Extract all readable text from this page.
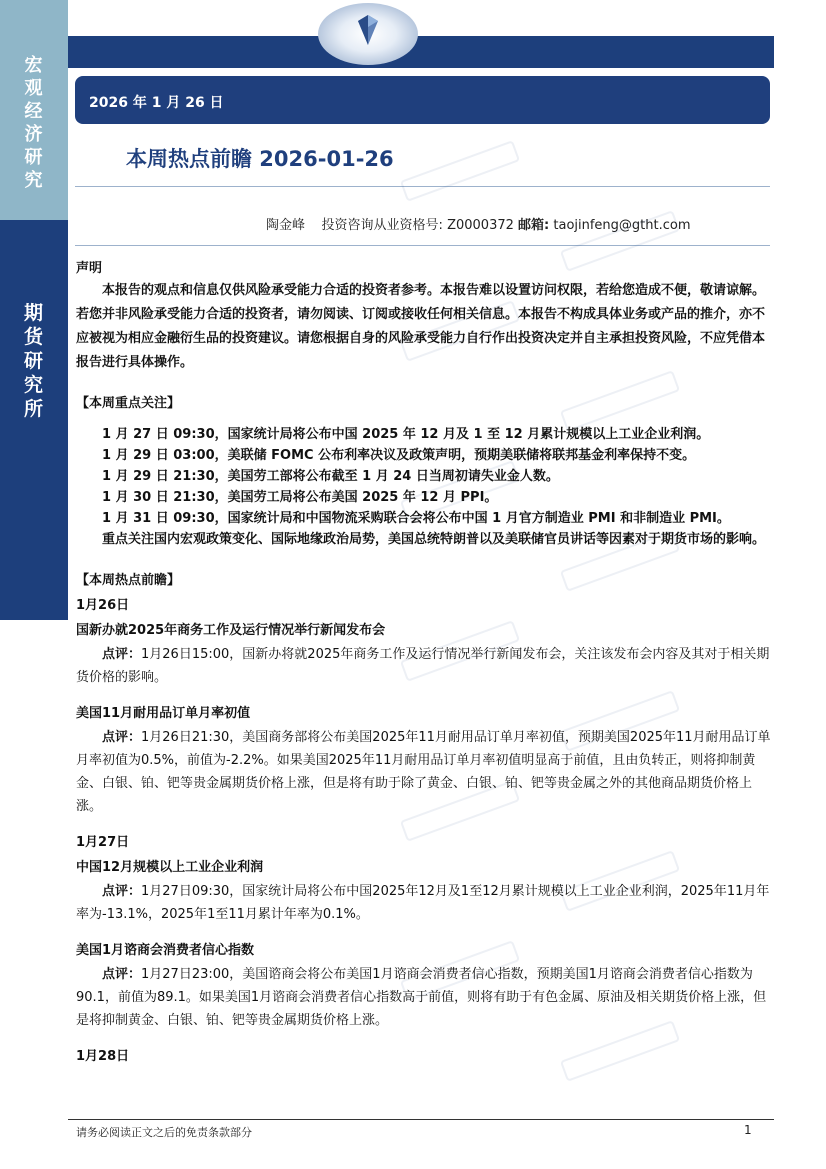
宏
观
经
济
研
究
期
货
研
究
所
2026 年 1 月 26 日
本周热点前瞻 2026-01-26
陶金峰 投资咨询从业资格号: Z0000372 邮箱: taojinfeng@gtht.com

声明

本报告的观点和信息仅供风险承受能力合适的投资者参考。本报告难以设置访问权限，若给您造成不便，敬请谅解。若您并非风险承受能力合适的投资者，请勿阅读、订阅或接收任何相关信息。本报告不构成具体业务或产品的推介，亦不应被视为相应金融衍生品的投资建议。请您根据自身的风险承受能力自行作出投资决定并自主承担投资风险，不应凭借本报告进行具体操作。

【本周重点关注】

1 月 27 日 09:30，国家统计局将公布中国 2025 年 12 月及 1 至 12 月累计规模以上工业企业利润。

1 月 29 日 03:00，美联储 FOMC 公布利率决议及政策声明，预期美联储将联邦基金利率保持不变。

1 月 29 日 21:30，美国劳工部将公布截至 1 月 24 日当周初请失业金人数。

1 月 30 日 21:30，美国劳工局将公布美国 2025 年 12 月 PPI。

1 月 31 日 09:30，国家统计局和中国物流采购联合会将公布中国 1 月官方制造业 PMI 和非制造业 PMI。

重点关注国内宏观政策变化、国际地缘政治局势，美国总统特朗普以及美联储官员讲话等因素对于期货市场的影响。

【本周热点前瞻】

1月26日

国新办就2025年商务工作及运行情况举行新闻发布会

点评：1月26日15:00，国新办将就2025年商务工作及运行情况举行新闻发布会，关注该发布会内容及其对于相关期货价格的影响。

美国11月耐用品订单月率初值

点评：1月26日21:30，美国商务部将公布美国2025年11月耐用品订单月率初值，预期美国2025年11月耐用品订单月率初值为0.5%，前值为-2.2%。如果美国2025年11月耐用品订单月率初值明显高于前值，且由负转正，则将抑制黄金、白银、铂、钯等贵金属期货价格上涨，但是将有助于除了黄金、白银、铂、钯等贵金属之外的其他商品期货价格上涨。

1月27日

中国12月规模以上工业企业利润

点评：1月27日09:30，国家统计局将公布中国2025年12月及1至12月累计规模以上工业企业利润，2025年11月年率为-13.1%，2025年1至11月累计年率为0.1%。

美国1月谘商会消费者信心指数

点评：1月27日23:00，美国谘商会将公布美国1月谘商会消费者信心指数，预期美国1月谘商会消费者信心指数为90.1，前值为89.1。如果美国1月谘商会消费者信心指数高于前值，则将有助于有色金属、原油及相关期货价格上涨，但是将抑制黄金、白银、铂、钯等贵金属期货价格上涨。

1月28日

请务必阅读正文之后的免责条款部分	1
